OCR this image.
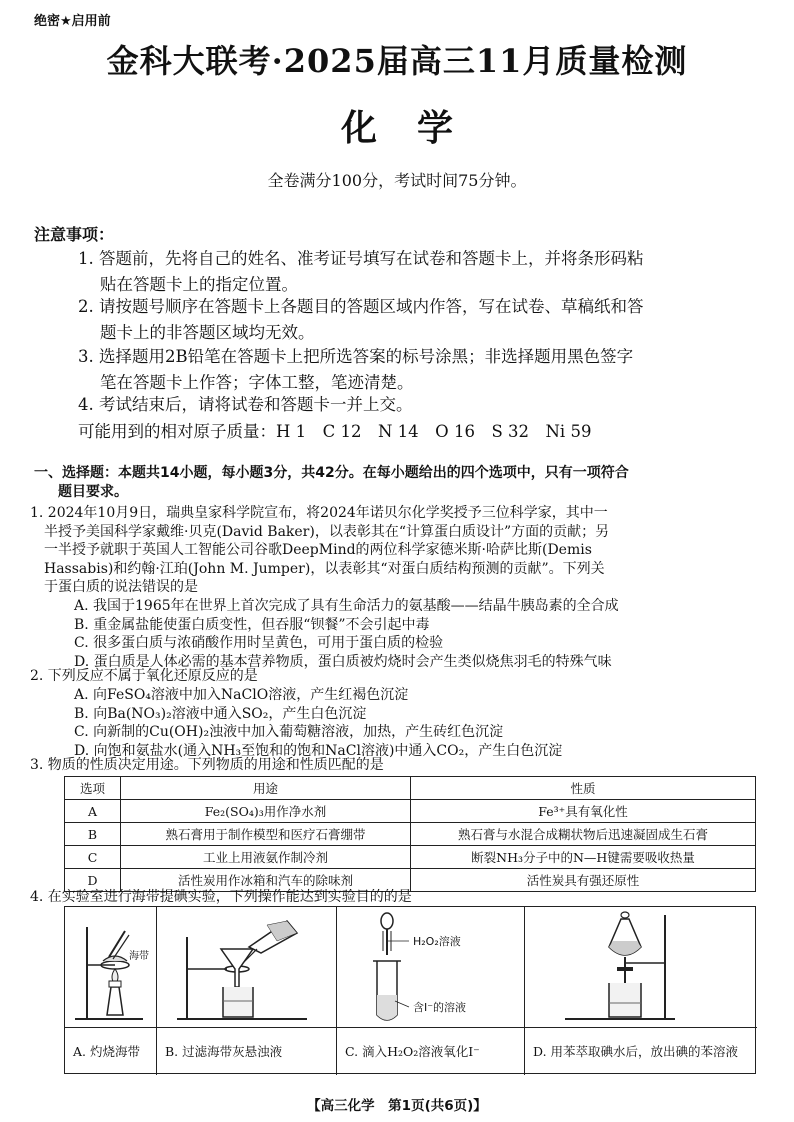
绝密★启用前
金科大联考·2025届高三11月质量检测
化学
全卷满分100分，考试时间75分钟。
注意事项：
1. 答题前，先将自己的姓名、准考证号填写在试卷和答题卡上，并将条形码粘
贴在答题卡上的指定位置。
2. 请按题号顺序在答题卡上各题目的答题区域内作答，写在试卷、草稿纸和答
题卡上的非答题区域均无效。
3. 选择题用2B铅笔在答题卡上把所选答案的标号涂黑；非选择题用黑色签字
笔在答题卡上作答；字体工整，笔迹清楚。
4. 考试结束后，请将试卷和答题卡一并上交。
可能用到的相对原子质量：H 1　C 12　N 14　O 16　S 32　Ni 59
一、选择题：本题共14小题，每小题3分，共42分。在每小题给出的四个选项中，只有一项符合
题目要求。
1. 2024年10月9日，瑞典皇家科学院宣布，将2024年诺贝尔化学奖授予三位科学家，其中一
半授予美国科学家戴维·贝克(David Baker)，以表彰其在“计算蛋白质设计”方面的贡献；另
一半授予就职于英国人工智能公司谷歌DeepMind的两位科学家德米斯·哈萨比斯(Demis
Hassabis)和约翰·江珀(John M. Jumper)，以表彰其“对蛋白质结构预测的贡献”。下列关
于蛋白质的说法错误的是
A. 我国于1965年在世界上首次完成了具有生命活力的氨基酸——结晶牛胰岛素的全合成
B. 重金属盐能使蛋白质变性，但吞服“钡餐”不会引起中毒
C. 很多蛋白质与浓硝酸作用时呈黄色，可用于蛋白质的检验
D. 蛋白质是人体必需的基本营养物质，蛋白质被灼烧时会产生类似烧焦羽毛的特殊气味
2. 下列反应不属于氧化还原反应的是
A. 向FeSO₄溶液中加入NaClO溶液，产生红褐色沉淀
B. 向Ba(NO₃)₂溶液中通入SO₂，产生白色沉淀
C. 向新制的Cu(OH)₂浊液中加入葡萄糖溶液，加热，产生砖红色沉淀
D. 向饱和氨盐水(通入NH₃至饱和的饱和NaCl溶液)中通入CO₂，产生白色沉淀
3. 物质的性质决定用途。下列物质的用途和性质匹配的是
选项	用途	性质
A	Fe₂(SO₄)₃用作净水剂	Fe³⁺具有氧化性
B	熟石膏用于制作模型和医疗石膏绷带	熟石膏与水混合成糊状物后迅速凝固成生石膏
C	工业上用液氨作制冷剂	断裂NH₃分子中的N—H键需要吸收热量
D	活性炭用作冰箱和汽车的除味剂	活性炭具有强还原性
4. 在实验室进行海带提碘实验，下列操作能达到实验目的的是
海带
H₂O₂溶液
含I⁻的溶液
A. 灼烧海带	B. 过滤海带灰悬浊液	C. 滴入H₂O₂溶液氧化I⁻	D. 用苯萃取碘水后，放出碘的苯溶液
【高三化学　第1页(共6页)】
